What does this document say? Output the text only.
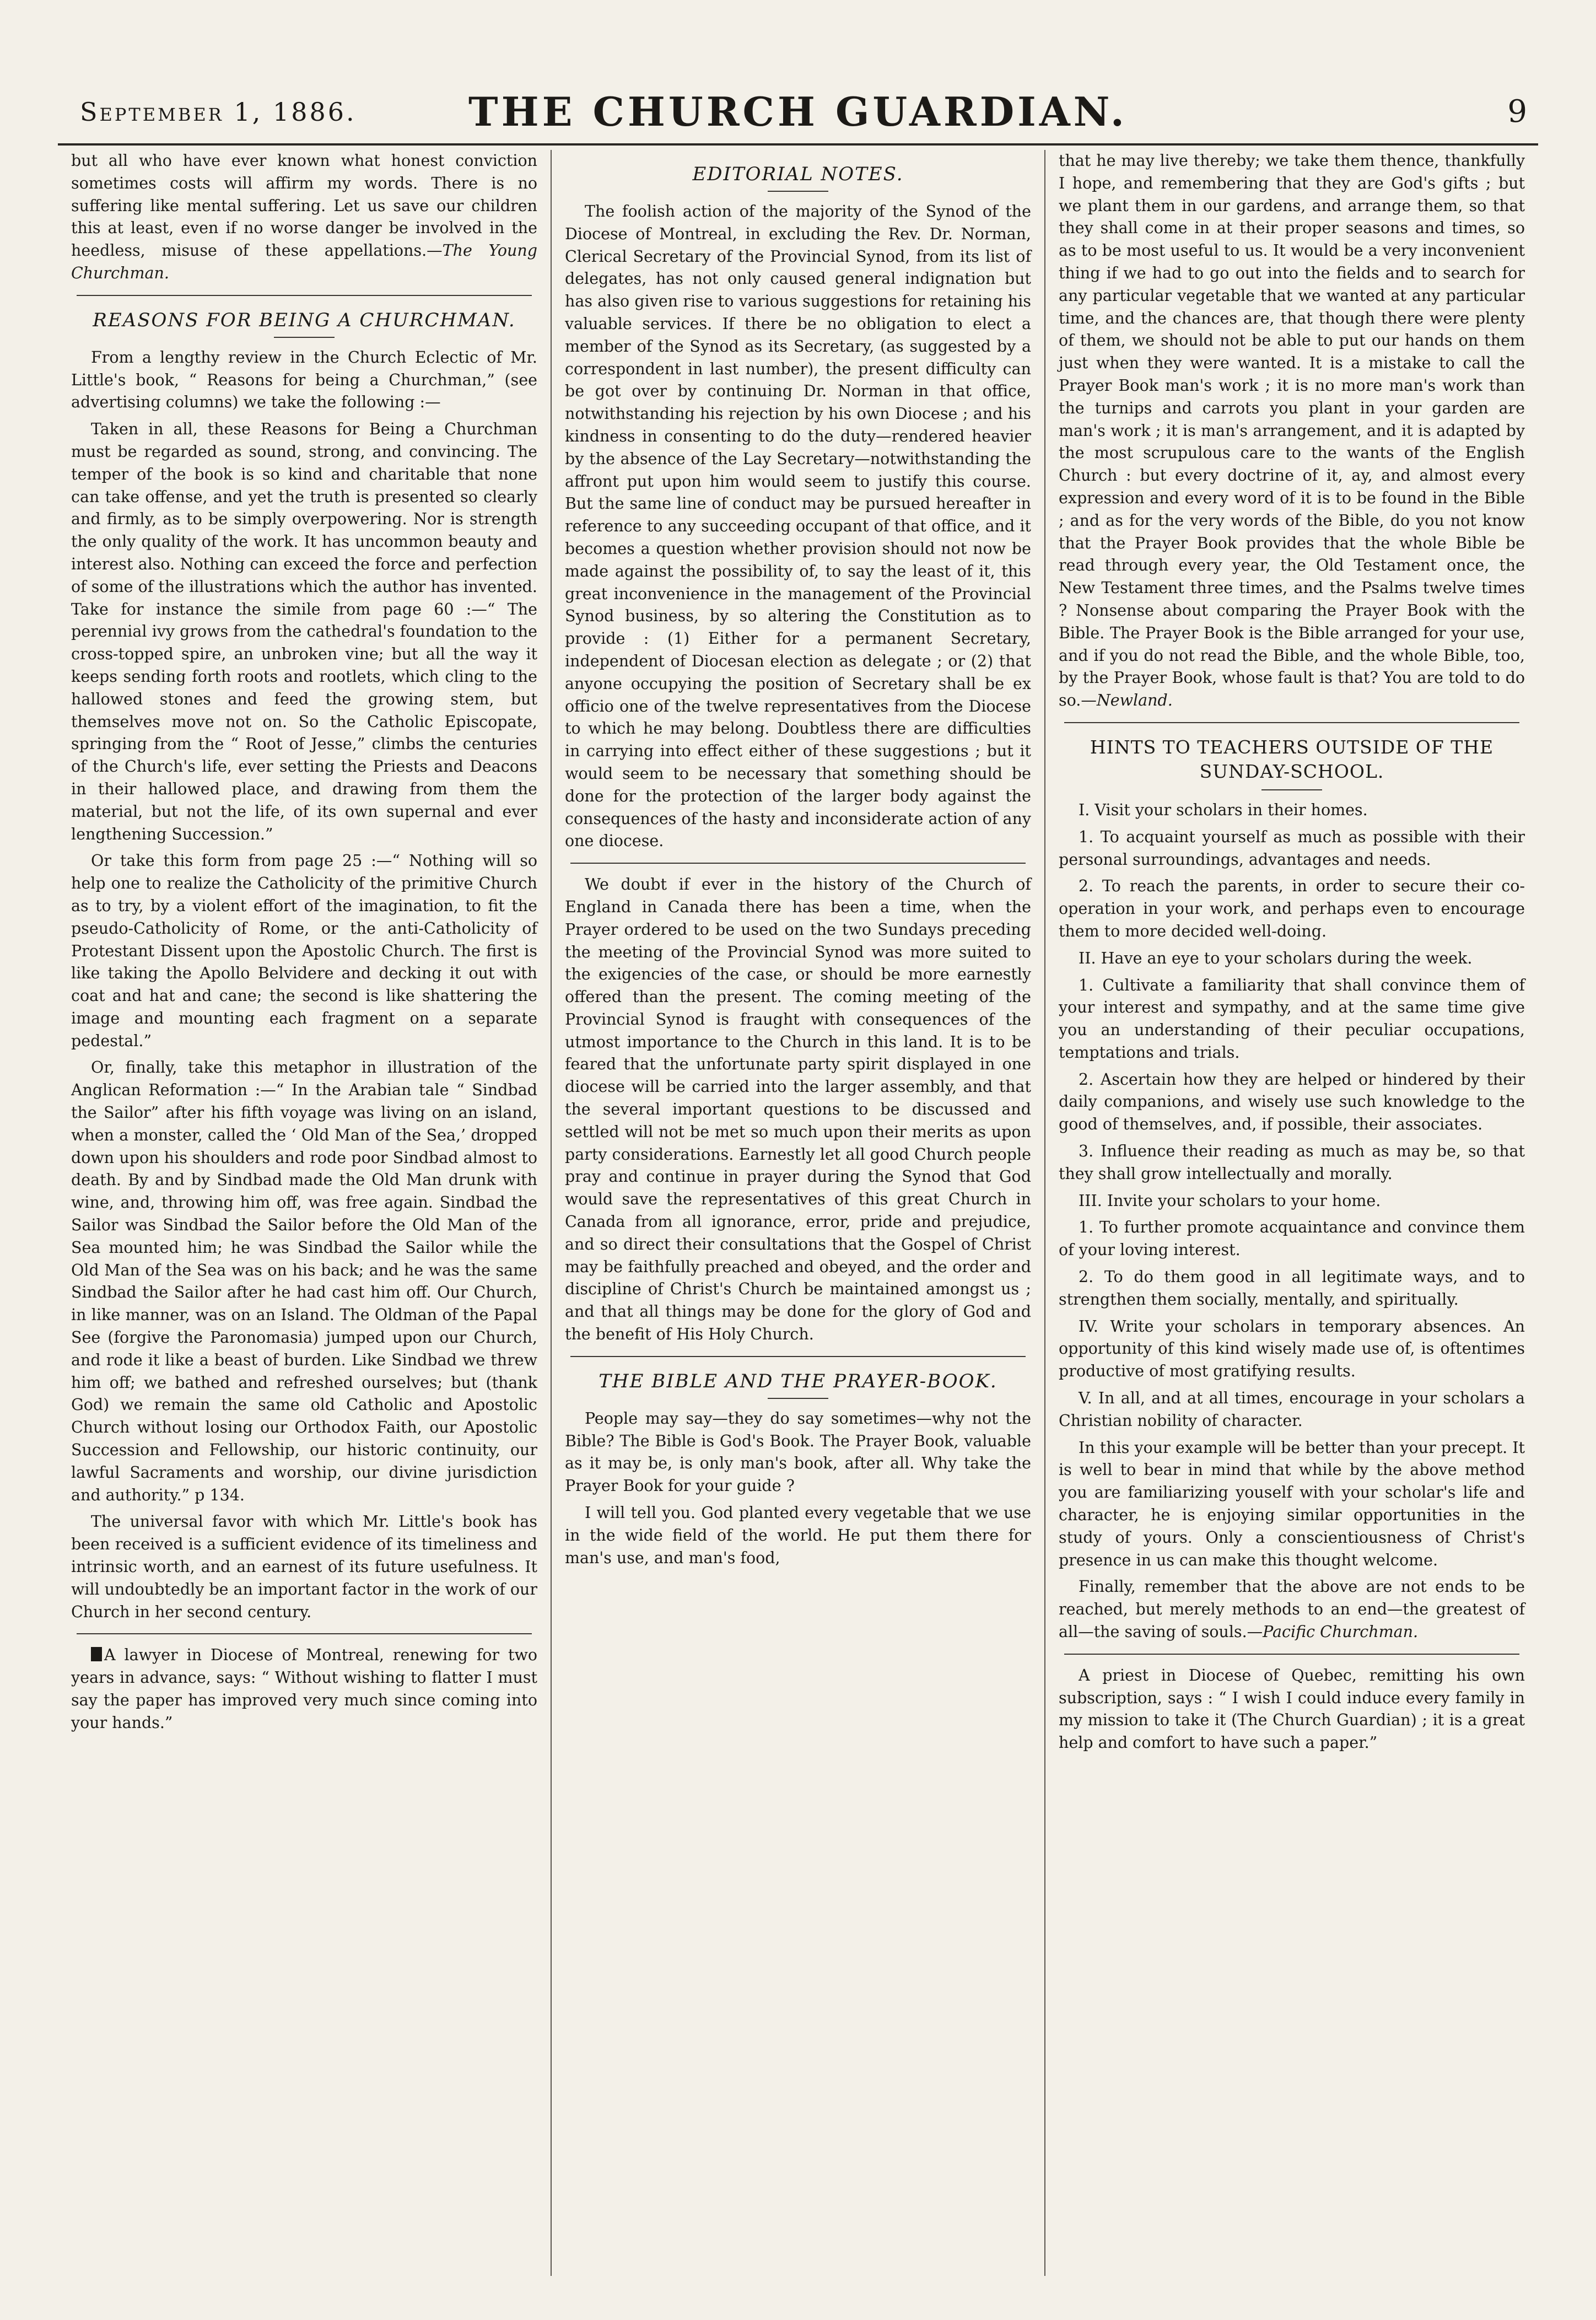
September 1, 1886.	THE CHURCH GUARDIAN.	9

but all who have ever known what honest conviction sometimes costs will affirm my words. There is no suffering like mental suffering. Let us save our children this at least, even if no worse danger be involved in the heedless, misuse of these appellations.—The Young Churchman.

REASONS FOR BEING A CHURCHMAN.

From a lengthy review in the Church Eclectic of Mr. Little's book, “ Reasons for being a Churchman,” (see advertising columns) we take the following :—

Taken in all, these Reasons for Being a Churchman must be regarded as sound, strong, and convincing. The temper of the book is so kind and charitable that none can take offense, and yet the truth is presented so clearly and firmly, as to be simply overpowering. Nor is strength the only quality of the work. It has uncommon beauty and interest also. Nothing can exceed the force and perfection of some of the illustrations which the author has invented. Take for instance the simile from page 60 :—“ The perennial ivy grows from the cathedral's foundation to the cross-topped spire, an unbroken vine; but all the way it keeps sending forth roots and rootlets, which cling to the hallowed stones and feed the growing stem, but themselves move not on. So the Catholic Episcopate, springing from the “ Root of Jesse,” climbs the centuries of the Church's life, ever setting the Priests and Deacons in their hallowed place, and drawing from them the material, but not the life, of its own supernal and ever lengthening Succession.”

Or take this form from page 25 :—“ Nothing will so help one to realize the Catholicity of the primitive Church as to try, by a violent effort of the imagination, to fit the pseudo-Catholicity of Rome, or the anti-Catholicity of Protestant Dissent upon the Apostolic Church. The first is like taking the Apollo Belvidere and decking it out with coat and hat and cane; the second is like shattering the image and mounting each fragment on a separate pedestal.”

Or, finally, take this metaphor in illustration of the Anglican Reformation :—“ In the Arabian tale “ Sindbad the Sailor” after his fifth voyage was living on an island, when a monster, called the ‘ Old Man of the Sea,’ dropped down upon his shoulders and rode poor Sindbad almost to death. By and by Sindbad made the Old Man drunk with wine, and, throwing him off, was free again. Sindbad the Sailor was Sindbad the Sailor before the Old Man of the Sea mounted him; he was Sindbad the Sailor while the Old Man of the Sea was on his back; and he was the same Sindbad the Sailor after he had cast him off. Our Church, in like manner, was on an Island. The Oldman of the Papal See (forgive the Paronomasia) jumped upon our Church, and rode it like a beast of burden. Like Sindbad we threw him off; we bathed and refreshed ourselves; but (thank God) we remain the same old Catholic and Apostolic Church without losing our Orthodox Faith, our Apostolic Succession and Fellowship, our historic continuity, our lawful Sacraments and worship, our divine jurisdiction and authority.” p 134.

The universal favor with which Mr. Little's book has been received is a sufficient evidence of its timeliness and intrinsic worth, and an earnest of its future usefulness. It will undoubtedly be an important factor in the work of our Church in her second century.

A lawyer in Diocese of Montreal, renewing for two years in advance, says: “ Without wishing to flatter I must say the paper has improved very much since coming into your hands.”

EDITORIAL NOTES.

The foolish action of the majority of the Synod of the Diocese of Montreal, in excluding the Rev. Dr. Norman, Clerical Secretary of the Provincial Synod, from its list of delegates, has not only caused general indignation but has also given rise to various suggestions for retaining his valuable services. If there be no obligation to elect a member of the Synod as its Secretary, (as suggested by a correspondent in last number), the present difficulty can be got over by continuing Dr. Norman in that office, notwithstanding his rejection by his own Diocese ; and his kindness in consenting to do the duty—rendered heavier by the absence of the Lay Secretary—notwithstanding the affront put upon him would seem to justify this course. But the same line of conduct may be pursued hereafter in reference to any succeeding occupant of that office, and it becomes a question whether provision should not now be made against the possibility of, to say the least of it, this great inconvenience in the management of the Provincial Synod business, by so altering the Constitution as to provide : (1) Either for a permanent Secretary, independent of Diocesan election as delegate ; or (2) that anyone occupying the position of Secretary shall be ex officio one of the twelve representatives from the Diocese to which he may belong. Doubtless there are difficulties in carrying into effect either of these suggestions ; but it would seem to be necessary that something should be done for the protection of the larger body against the consequences of the hasty and inconsiderate action of any one diocese.

We doubt if ever in the history of the Church of England in Canada there has been a time, when the Prayer ordered to be used on the two Sundays preceding the meeting of the Provincial Synod was more suited to the exigencies of the case, or should be more earnestly offered than the present. The coming meeting of the Provincial Synod is fraught with consequences of the utmost importance to the Church in this land. It is to be feared that the unfortunate party spirit displayed in one diocese will be carried into the larger assembly, and that the several important questions to be discussed and settled will not be met so much upon their merits as upon party considerations. Earnestly let all good Church people pray and continue in prayer during the Synod that God would save the representatives of this great Church in Canada from all ignorance, error, pride and prejudice, and so direct their consultations that the Gospel of Christ may be faithfully preached and obeyed, and the order and discipline of Christ's Church be maintained amongst us ; and that all things may be done for the glory of God and the benefit of His Holy Church.

THE BIBLE AND THE PRAYER-BOOK.

People may say—they do say sometimes—why not the Bible? The Bible is God's Book. The Prayer Book, valuable as it may be, is only man's book, after all. Why take the Prayer Book for your guide ?

I will tell you. God planted every vegetable that we use in the wide field of the world. He put them there for man's use, and man's food,

that he may live thereby; we take them thence, thankfully I hope, and remembering that they are God's gifts ; but we plant them in our gardens, and arrange them, so that they shall come in at their proper seasons and times, so as to be most useful to us. It would be a very inconvenient thing if we had to go out into the fields and to search for any particular vegetable that we wanted at any particular time, and the chances are, that though there were plenty of them, we should not be able to put our hands on them just when they were wanted. It is a mistake to call the Prayer Book man's work ; it is no more man's work than the turnips and carrots you plant in your garden are man's work ; it is man's arrangement, and it is adapted by the most scrupulous care to the wants of the English Church : but every doctrine of it, ay, and almost every expression and every word of it is to be found in the Bible ; and as for the very words of the Bible, do you not know that the Prayer Book provides that the whole Bible be read through every year, the Old Testament once, the New Testament three times, and the Psalms twelve times ? Nonsense about comparing the Prayer Book with the Bible. The Prayer Book is the Bible arranged for your use, and if you do not read the Bible, and the whole Bible, too, by the Prayer Book, whose fault is that? You are told to do so.—Newland.

HINTS TO TEACHERS OUTSIDE OF THE SUNDAY-SCHOOL.

I. Visit your scholars in their homes.

1. To acquaint yourself as much as possible with their personal surroundings, advantages and needs.

2. To reach the parents, in order to secure their co-operation in your work, and perhaps even to encourage them to more decided well-doing.

II. Have an eye to your scholars during the week.

1. Cultivate a familiarity that shall convince them of your interest and sympathy, and at the same time give you an understanding of their peculiar occupations, temptations and trials.

2. Ascertain how they are helped or hindered by their daily companions, and wisely use such knowledge to the good of themselves, and, if possible, their associates.

3. Influence their reading as much as may be, so that they shall grow intellectually and morally.

III. Invite your scholars to your home.

1. To further promote acquaintance and convince them of your loving interest.

2. To do them good in all legitimate ways, and to strengthen them socially, mentally, and spiritually.

IV. Write your scholars in temporary absences. An opportunity of this kind wisely made use of, is oftentimes productive of most gratifying results.

V. In all, and at all times, encourage in your scholars a Christian nobility of character.

In this your example will be better than your precept. It is well to bear in mind that while by the above method you are familiarizing youself with your scholar's life and character, he is enjoying similar opportunities in the study of yours. Only a conscientiousness of Christ's presence in us can make this thought welcome.

Finally, remember that the above are not ends to be reached, but merely methods to an end—the greatest of all—the saving of souls.—Pacific Churchman.

A priest in Diocese of Quebec, remitting his own subscription, says : “ I wish I could induce every family in my mission to take it (The Church Guardian) ; it is a great help and comfort to have such a paper.”
